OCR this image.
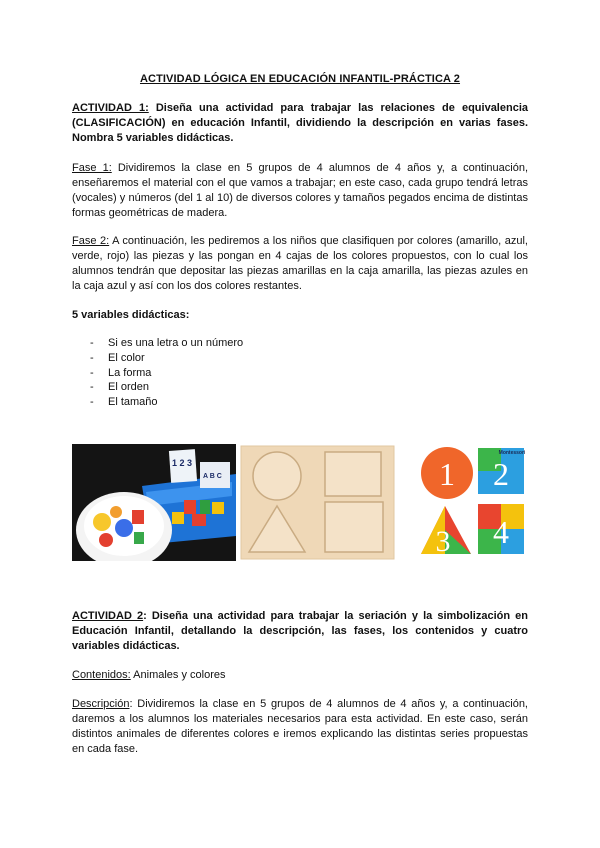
ACTIVIDAD LÓGICA EN EDUCACIÓN INFANTIL-PRÁCTICA 2
ACTIVIDAD 1: Diseña una actividad para trabajar las relaciones de equivalencia (CLASIFICACIÓN) en educación Infantil, dividiendo la descripción en varias fases. Nombra 5 variables didácticas.
Fase 1: Dividiremos la clase en 5 grupos de 4 alumnos de 4 años y, a continuación, enseñaremos el material con el que vamos a trabajar; en este caso, cada grupo tendrá letras (vocales) y números (del 1 al 10) de diversos colores y tamaños pegados encima de distintas formas geométricas de madera.
Fase 2: A continuación, les pediremos a los niños que clasifiquen por colores (amarillo, azul, verde, rojo) las piezas y las pongan en 4 cajas de los colores propuestos, con lo cual los alumnos tendrán que depositar las piezas amarillas en la caja amarilla, las piezas azules en la caja azul y así con los dos colores restantes.
5 variables didácticas:
- Si es una letra o un número
- El color
- La forma
- El orden
- El tamaño
1 2 3
A B C	1 2
Montessori
3 4
ACTIVIDAD 2: Diseña una actividad para trabajar la seriación y la simbolización en Educación Infantil, detallando la descripción, las fases, los contenidos y cuatro variables didácticas.
Contenidos: Animales y colores
Descripción: Dividiremos la clase en 5 grupos de 4 alumnos de 4 años y, a continuación, daremos a los alumnos los materiales necesarios para esta actividad. En este caso, serán distintos animales de diferentes colores e iremos explicando las distintas series propuestas en cada fase.
